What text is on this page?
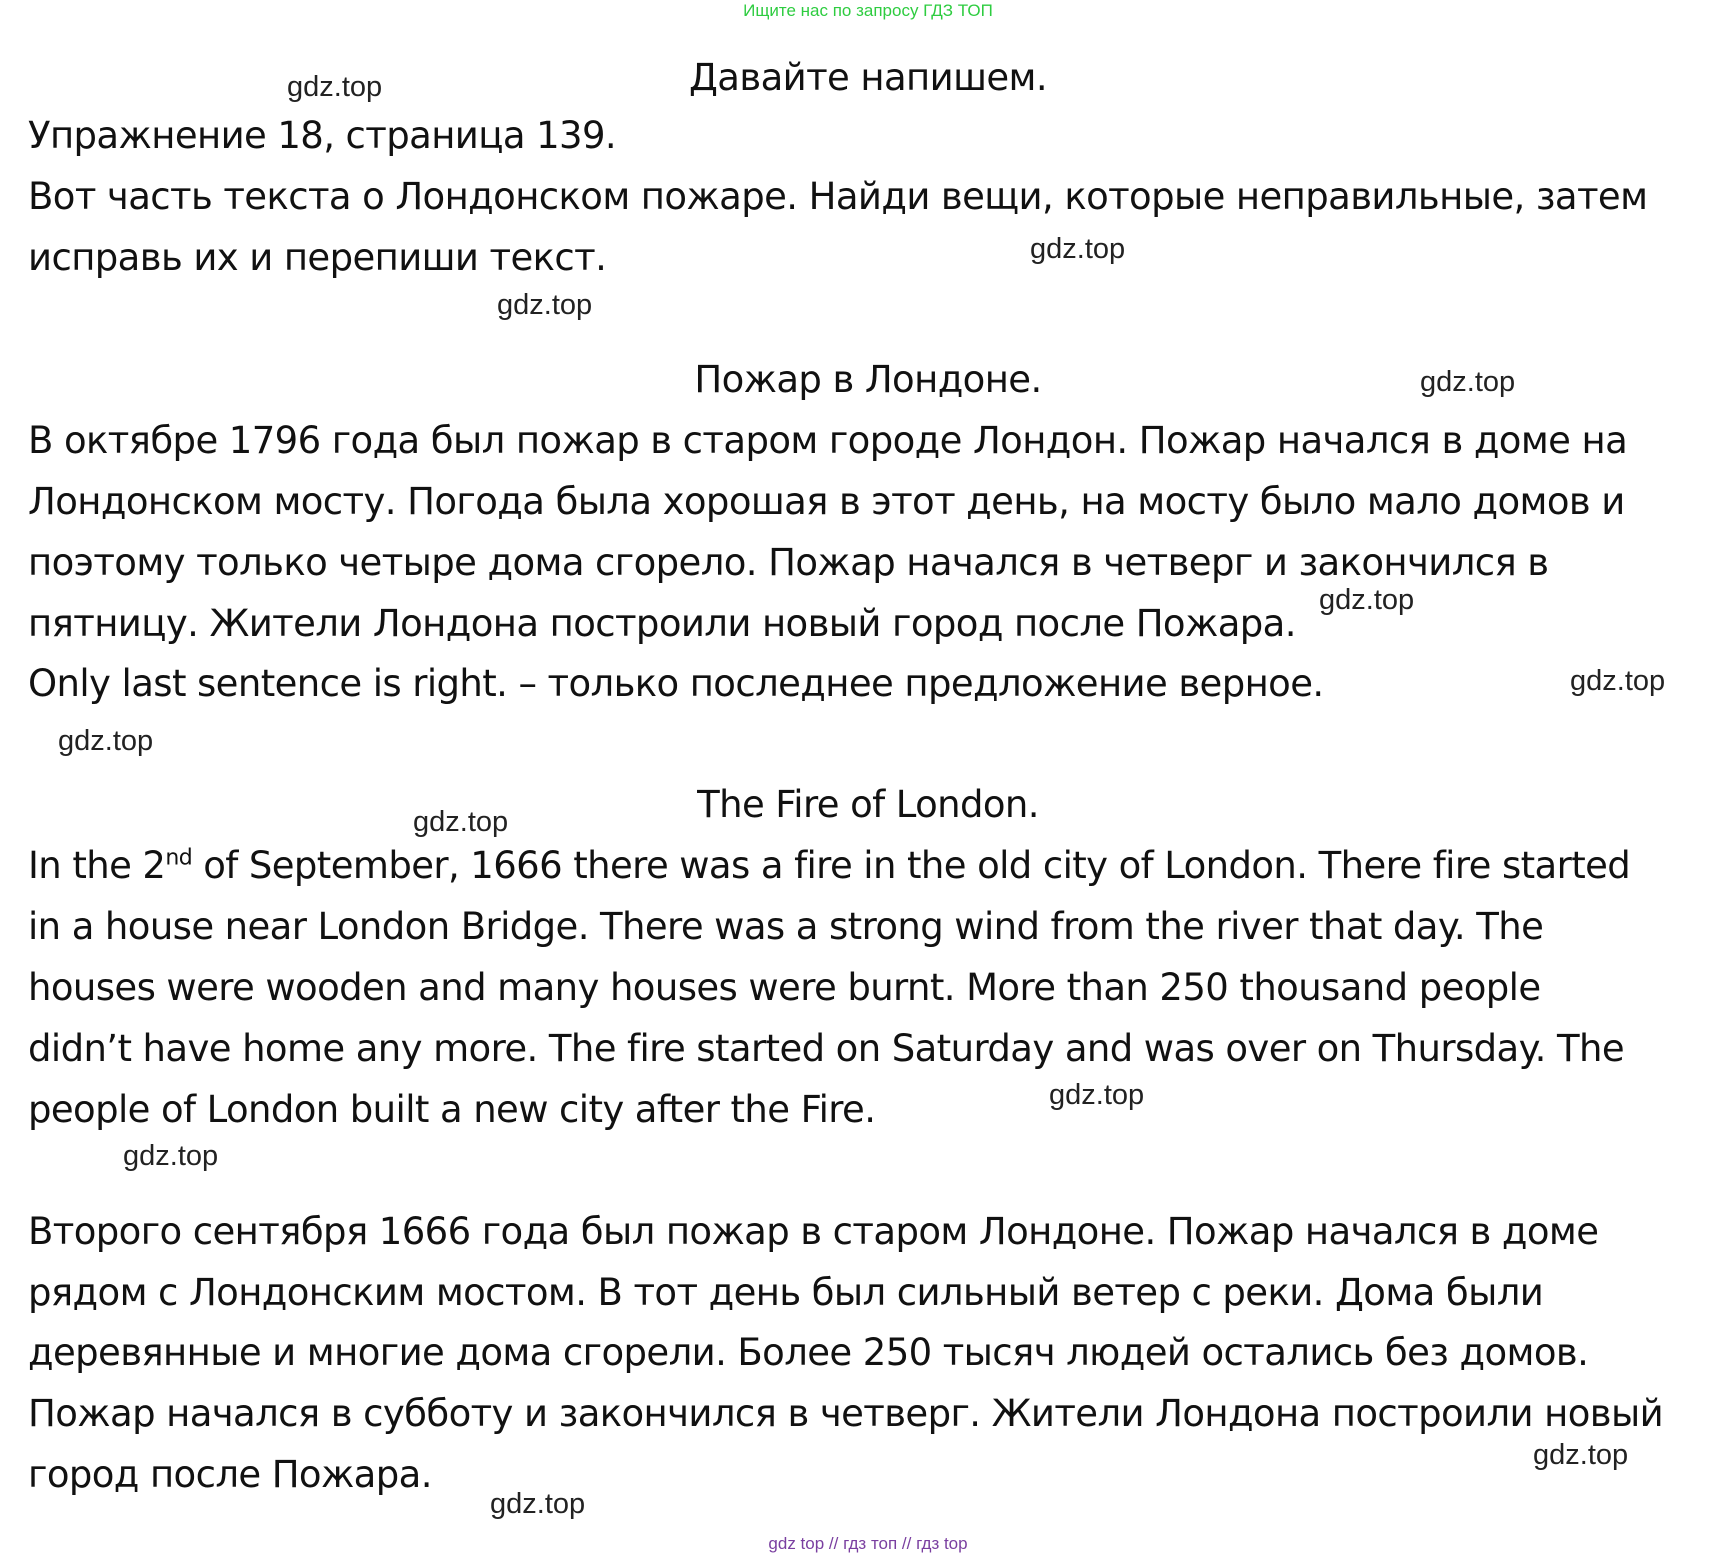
Ищите нас по запросу ГДЗ ТОП
Давайте напишем.
Упражнение 18, страница 139.
Вот часть текста о Лондонском пожаре. Найди вещи, которые неправильные, затем
исправь их и перепиши текст.
Пожар в Лондоне.
В октябре 1796 года был пожар в старом городе Лондон. Пожар начался в доме на
Лондонском мосту. Погода была хорошая в этот день, на мосту было мало домов и
поэтому только четыре дома сгорело. Пожар начался в четверг и закончился в
пятницу. Жители Лондона построили новый город после Пожара.
Only last sentence is right. – только последнее предложение верное.
The Fire of London.
In the 2nd of September, 1666 there was a fire in the old city of London. There fire started
in a house near London Bridge. There was a strong wind from the river that day. The
houses were wooden and many houses were burnt. More than 250 thousand people
didn’t have home any more. The fire started on Saturday and was over on Thursday. The
people of London built a new city after the Fire.
Второго сентября 1666 года был пожар в старом Лондоне. Пожар начался в доме
рядом с Лондонским мостом. В тот день был сильный ветер с реки. Дома были
деревянные и многие дома сгорели. Более 250 тысяч людей остались без домов.
Пожар начался в субботу и закончился в четверг. Жители Лондона построили новый
город после Пожара.
gdz.top
gdz.top
gdz.top
gdz.top
gdz.top
gdz.top
gdz.top
gdz.top
gdz.top
gdz.top
gdz.top
gdz.top
gdz top // гдз топ // гдз top
